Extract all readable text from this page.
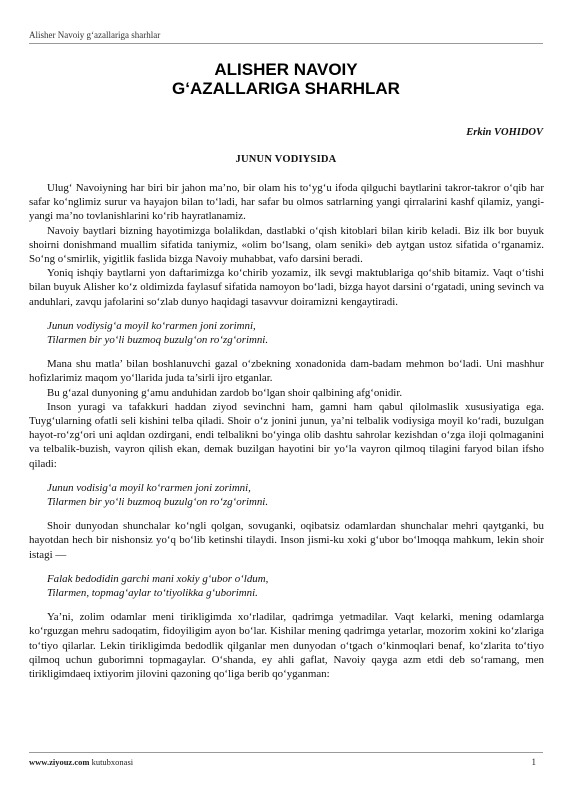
Alisher Navoiy g‘azallariga sharhlar
ALISHER NAVOIY
G‘AZALLARIGA SHARHLAR
Erkin VOHIDOV
JUNUN VODIYSIDA

Ulug‘ Navoiyning har biri bir jahon ma’no, bir olam his to‘yg‘u ifoda qilguchi baytlarini takror-takror o‘qib har safar ko‘nglimiz surur va hayajon bilan to‘ladi, har safar bu olmos satrlarning yangi qirralarini kashf qilamiz, yangi-yangi ma’no tovlanishlarini ko‘rib hayratlanamiz.

Navoiy baytlari bizning hayotimizga bolalikdan, dastlabki o‘qish kitoblari bilan kirib keladi. Biz ilk bor buyuk shoirni donishmand muallim sifatida taniymiz, «olim bo‘lsang, olam seniki» deb aytgan ustoz sifatida o‘rganamiz. So‘ng o‘smirlik, yigitlik faslida bizga Navoiy muhabbat, vafo darsini beradi.

Yoniq ishqiy baytlarni yon daftarimizga ko‘chirib yozamiz, ilk sevgi maktublariga qo‘shib bitamiz. Vaqt o‘tishi bilan buyuk Alisher ko‘z oldimizda faylasuf sifatida namoyon bo‘ladi, bizga hayot darsini o‘rgatadi, uning sevinch va anduhlari, zavqu jafolarini so‘zlab dunyo haqidagi tasavvur doiramizni kengaytiradi.

Junun vodiysig‘a moyil ko‘rarmen joni zorimni,
Tilarmen bir yo‘li buzmoq buzulg‘on ro‘zg‘orimni.

Mana shu matla’ bilan boshlanuvchi gazal o‘zbekning xonadonida dam-badam mehmon bo‘ladi. Uni mashhur hofizlarimiz maqom yo‘llarida juda ta’sirli ijro etganlar.

Bu g‘azal dunyoning g‘amu anduhidan zardob bo‘lgan shoir qalbining afg‘onidir.

Inson yuragi va tafakkuri haddan ziyod sevinchni ham, gamni ham qabul qilolmaslik xususiyatiga ega. Tuyg‘ularning ofatli seli kishini telba qiladi. Shoir o‘z jonini junun, ya’ni telbalik vodiysiga moyil ko‘radi, buzulgan hayot-ro‘zg‘ori uni aqldan ozdirgani, endi telbalikni bo‘yinga olib dashtu sahrolar kezishdan o‘zga iloji qolmaganini va telbalik-buzish, vayron qilish ekan, demak buzilgan hayotini bir yo‘la vayron qilmoq tilagini faryod bilan ifsho qiladi:

Junun vodisig‘a moyil ko‘rarmen joni zorimni,
Tilarmen bir yo‘li buzmoq buzulg‘on ro‘zg‘orimni.

Shoir dunyodan shunchalar ko‘ngli qolgan, sovuganki, oqibatsiz odamlardan shunchalar mehri qaytganki, bu hayotdan hech bir nishonsiz yo‘q bo‘lib ketinshi tilaydi. Inson jismi-ku xoki g‘ubor bo‘lmoqqa mahkum, lekin shoir istagi —

Falak bedodidin garchi mani xokiy g‘ubor o‘ldum,
Tilarmen, topmag‘aylar to‘tiyolikka g‘uborimni.

Ya’ni, zolim odamlar meni tirikligimda xo‘rladilar, qadrimga yetmadilar. Vaqt kelarki, mening odamlarga ko‘rguzgan mehru sadoqatim, fidoyiligim ayon bo‘lar. Kishilar mening qadrimga yetarlar, mozorim xokini ko‘zlariga to‘tiyo qilarlar. Lekin tirikligimda bedodlik qilganlar men dunyodan o‘tgach o‘kinmoqlari benaf, ko‘zlarita to‘tiyo qilmoq uchun guborimni topmagaylar. O‘shanda, ey ahli gaflat, Navoiy qayga azm etdi deb so‘ramang, men tirikligimdaeq ixtiyorim jilovini qazoning qo‘liga berib qo‘yganman:

www.ziyouz.com kutubxonasi	1
